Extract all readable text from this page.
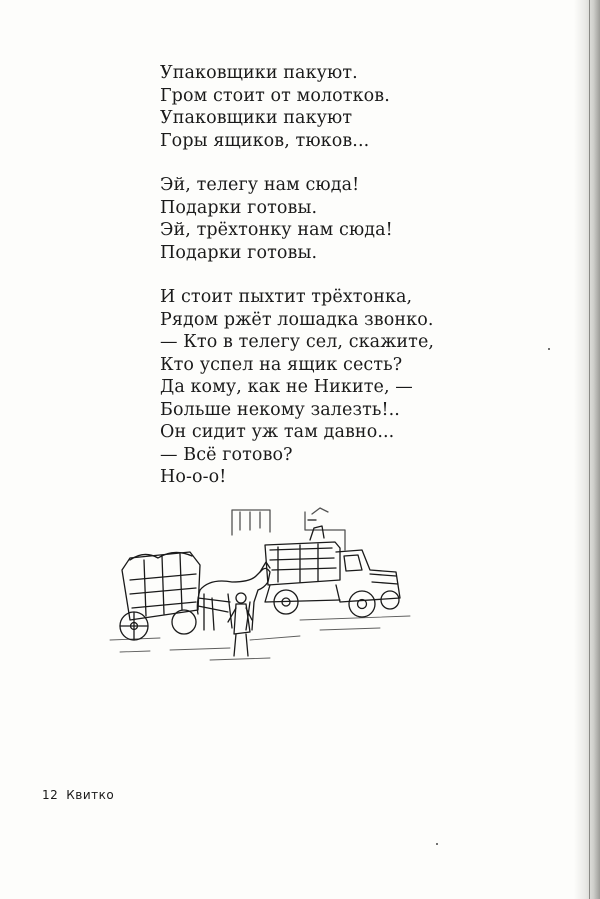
Упаковщики пакуют.
Гром стоит от молотков.
Упаковщики пакуют
Горы ящиков, тюков...
Эй, телегу нам сюда!
Подарки готовы.
Эй, трёхтонку нам сюда!
Подарки готовы.
И стоит пыхтит трёхтонка,
Рядом ржёт лошадка звонко.
— Кто в телегу сел, скажите,
Кто успел на ящик сесть?
Да кому, как не Никите, —
Больше некому залезть!..
Он сидит уж там давно...
— Всё готово?
Но-о-о!
12 Квитко
